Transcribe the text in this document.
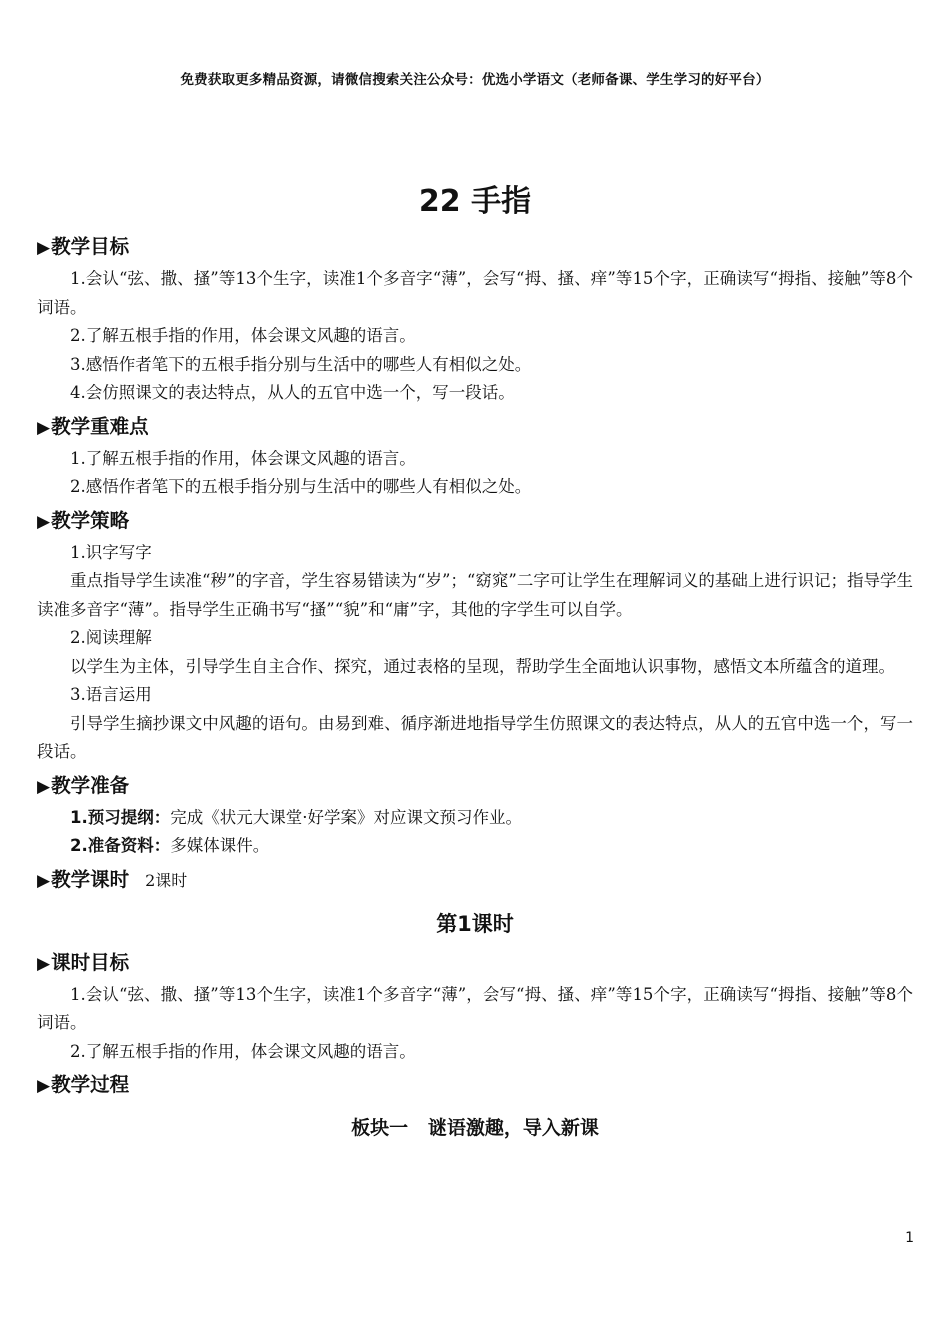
免费获取更多精品资源，请微信搜索关注公众号：优选小学语文（老师备课、学生学习的好平台）
22 手指
▶教学目标

1.会认“弦、撒、搔”等13个生字，读准1个多音字“薄”，会写“拇、搔、痒”等15个字，正确读写“拇指、接触”等8个词语。

2.了解五根手指的作用，体会课文风趣的语言。

3.感悟作者笔下的五根手指分别与生活中的哪些人有相似之处。

4.会仿照课文的表达特点，从人的五官中选一个，写一段话。

▶教学重难点

1.了解五根手指的作用，体会课文风趣的语言。

2.感悟作者笔下的五根手指分别与生活中的哪些人有相似之处。

▶教学策略

1.识字写字

重点指导学生读准“秽”的字音，学生容易错读为“岁”；“窈窕”二字可让学生在理解词义的基础上进行识记；指导学生读准多音字“薄”。指导学生正确书写“搔”“貌”和“庸”字，其他的字学生可以自学。

2.阅读理解

以学生为主体，引导学生自主合作、探究，通过表格的呈现，帮助学生全面地认识事物，感悟文本所蕴含的道理。

3.语言运用

引导学生摘抄课文中风趣的语句。由易到难、循序渐进地指导学生仿照课文的表达特点，从人的五官中选一个，写一段话。

▶教学准备

1.预习提纲：完成《状元大课堂·好学案》对应课文预习作业。

2.准备资料：多媒体课件。

▶教学课时 2课时
第1课时
▶课时目标

1.会认“弦、撒、搔”等13个生字，读准1个多音字“薄”，会写“拇、搔、痒”等15个字，正确读写“拇指、接触”等8个词语。

2.了解五根手指的作用，体会课文风趣的语言。

▶教学过程
板块一   谜语激趣，导入新课
1
